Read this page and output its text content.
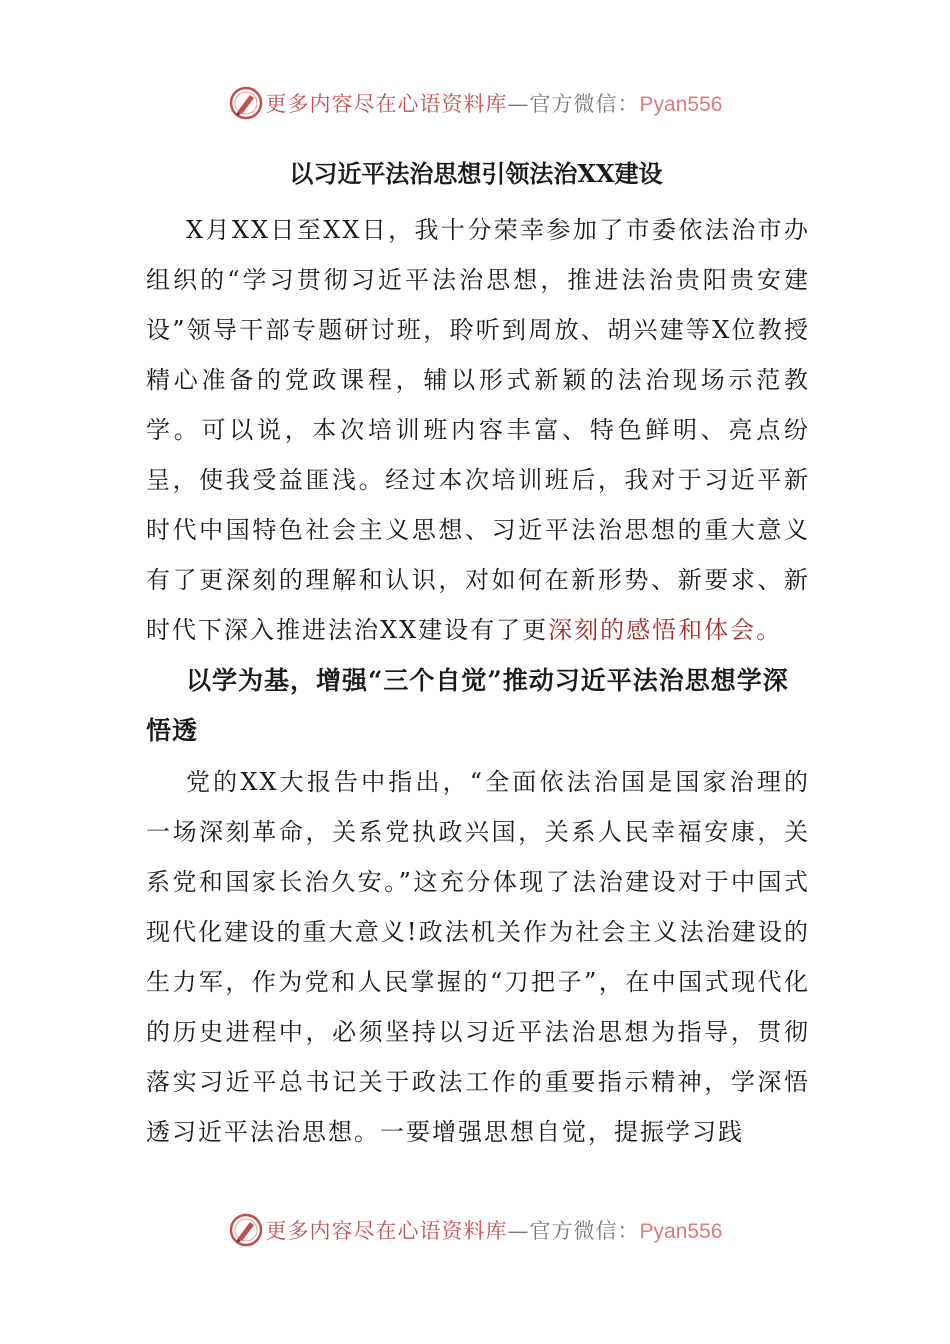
更多内容尽在心语资料库—官方微信：Pyan556
以习近平法治思想引领法治XX建设

X月XX日至XX日，我十分荣幸参加了市委依法治市办组织的“学习贯彻习近平法治思想，推进法治贵阳贵安建设”领导干部专题研讨班，聆听到周放、胡兴建等X位教授精心准备的党政课程，辅以形式新颖的法治现场示范教学。可以说，本次培训班内容丰富、特色鲜明、亮点纷呈，使我受益匪浅。经过本次培训班后，我对于习近平新时代中国特色社会主义思想、习近平法治思想的重大意义有了更深刻的理解和认识，对如何在新形势、新要求、新时代下深入推进法治XX建设有了更深刻的感悟和体会。

以学为基，增强“三个自觉”推动习近平法治思想学深悟透

党的XX大报告中指出，“全面依法治国是国家治理的一场深刻革命，关系党执政兴国，关系人民幸福安康，关系党和国家长治久安。”这充分体现了法治建设对于中国式现代化建设的重大意义!政法机关作为社会主义法治建设的生力军，作为党和人民掌握的“刀把子”，在中国式现代化的历史进程中，必须坚持以习近平法治思想为指导，贯彻落实习近平总书记关于政法工作的重要指示精神，学深悟透习近平法治思想。一要增强思想自觉，提振学习践

更多内容尽在心语资料库—官方微信：Pyan556
